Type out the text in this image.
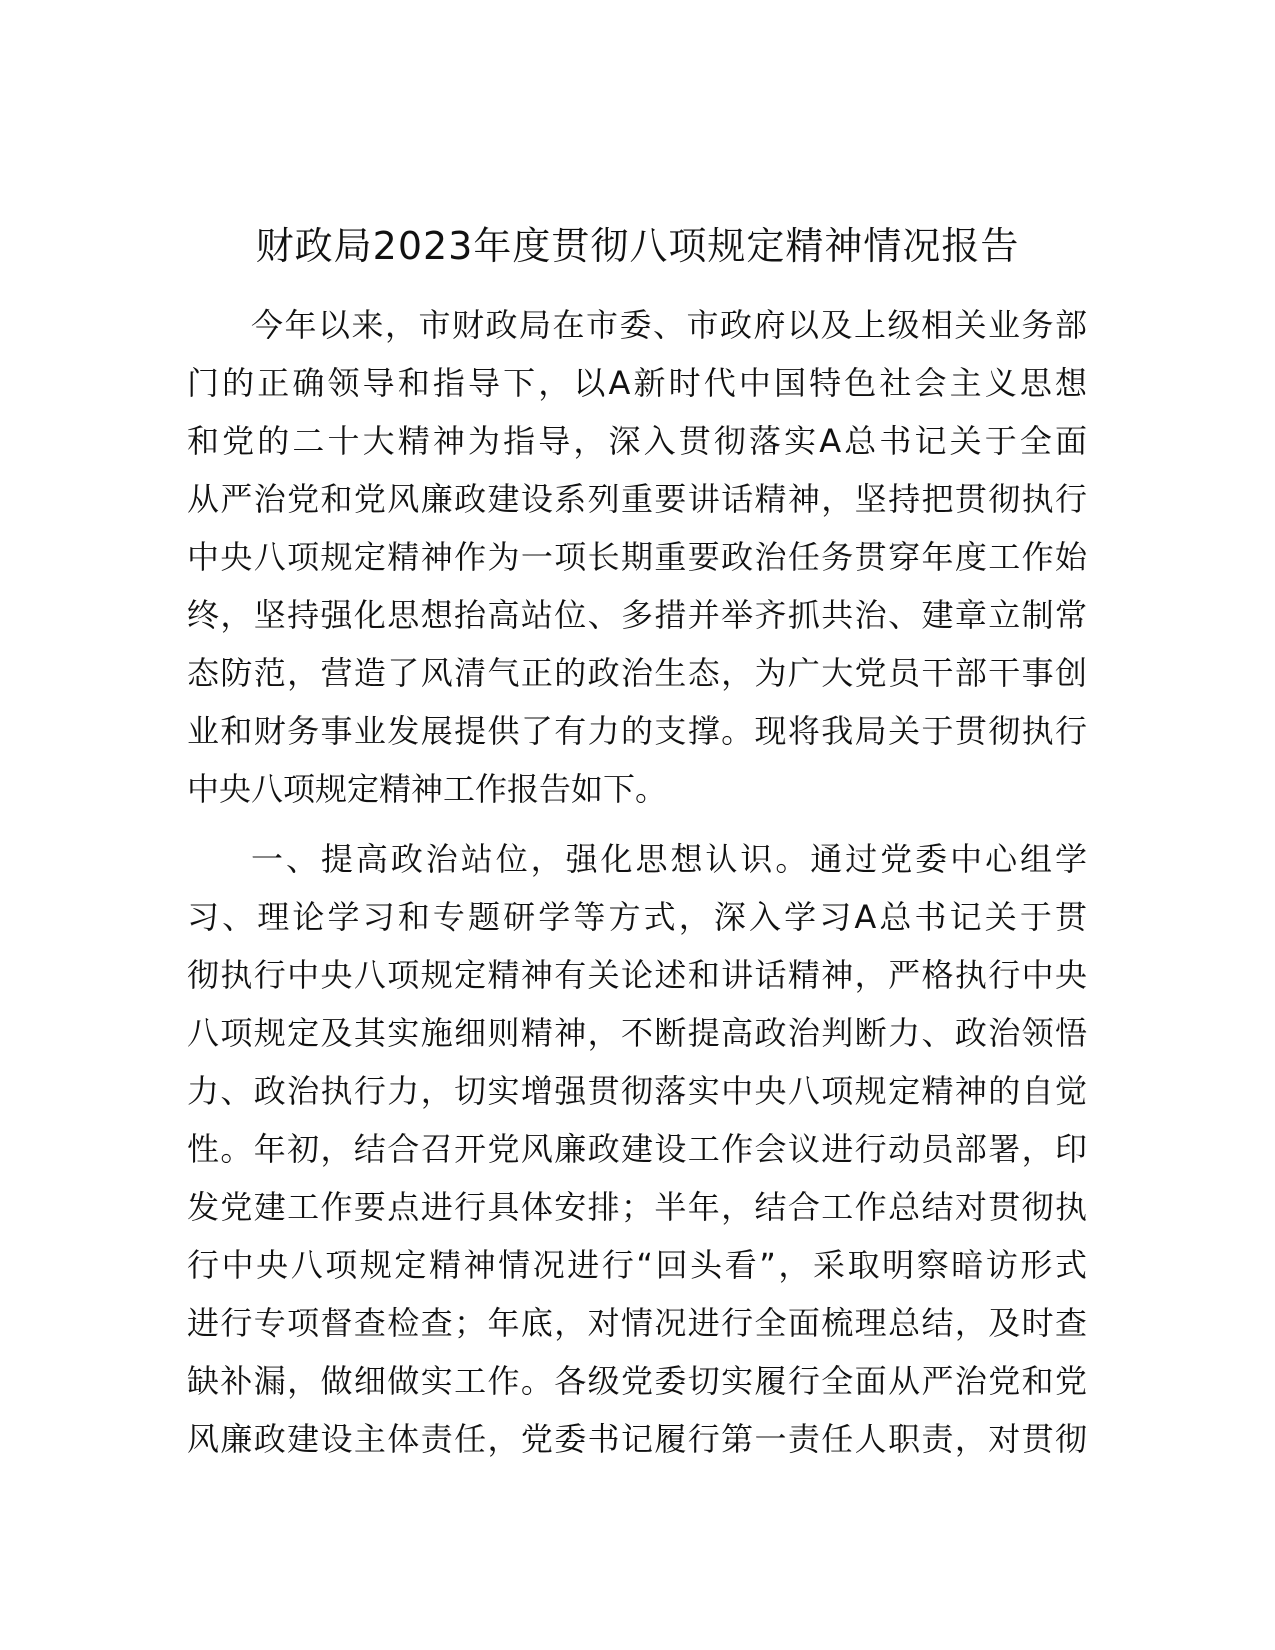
财政局2023年度贯彻八项规定精神情况报告
今年以来，市财政局在市委、市政府以及上级相关业务部
门的正确领导和指导下，以A新时代中国特色社会主义思想
和党的二十大精神为指导，深入贯彻落实A总书记关于全面
从严治党和党风廉政建设系列重要讲话精神，坚持把贯彻执行
中央八项规定精神作为一项长期重要政治任务贯穿年度工作始
终，坚持强化思想抬高站位、多措并举齐抓共治、建章立制常
态防范，营造了风清气正的政治生态，为广大党员干部干事创
业和财务事业发展提供了有力的支撑。现将我局关于贯彻执行
中央八项规定精神工作报告如下。
一、提高政治站位，强化思想认识。通过党委中心组学
习、理论学习和专题研学等方式，深入学习A总书记关于贯
彻执行中央八项规定精神有关论述和讲话精神，严格执行中央
八项规定及其实施细则精神，不断提高政治判断力、政治领悟
力、政治执行力，切实增强贯彻落实中央八项规定精神的自觉
性。年初，结合召开党风廉政建设工作会议进行动员部署，印
发党建工作要点进行具体安排；半年，结合工作总结对贯彻执
行中央八项规定精神情况进行“回头看”，采取明察暗访形式
进行专项督查检查；年底，对情况进行全面梳理总结，及时查
缺补漏，做细做实工作。各级党委切实履行全面从严治党和党
风廉政建设主体责任，党委书记履行第一责任人职责，对贯彻
